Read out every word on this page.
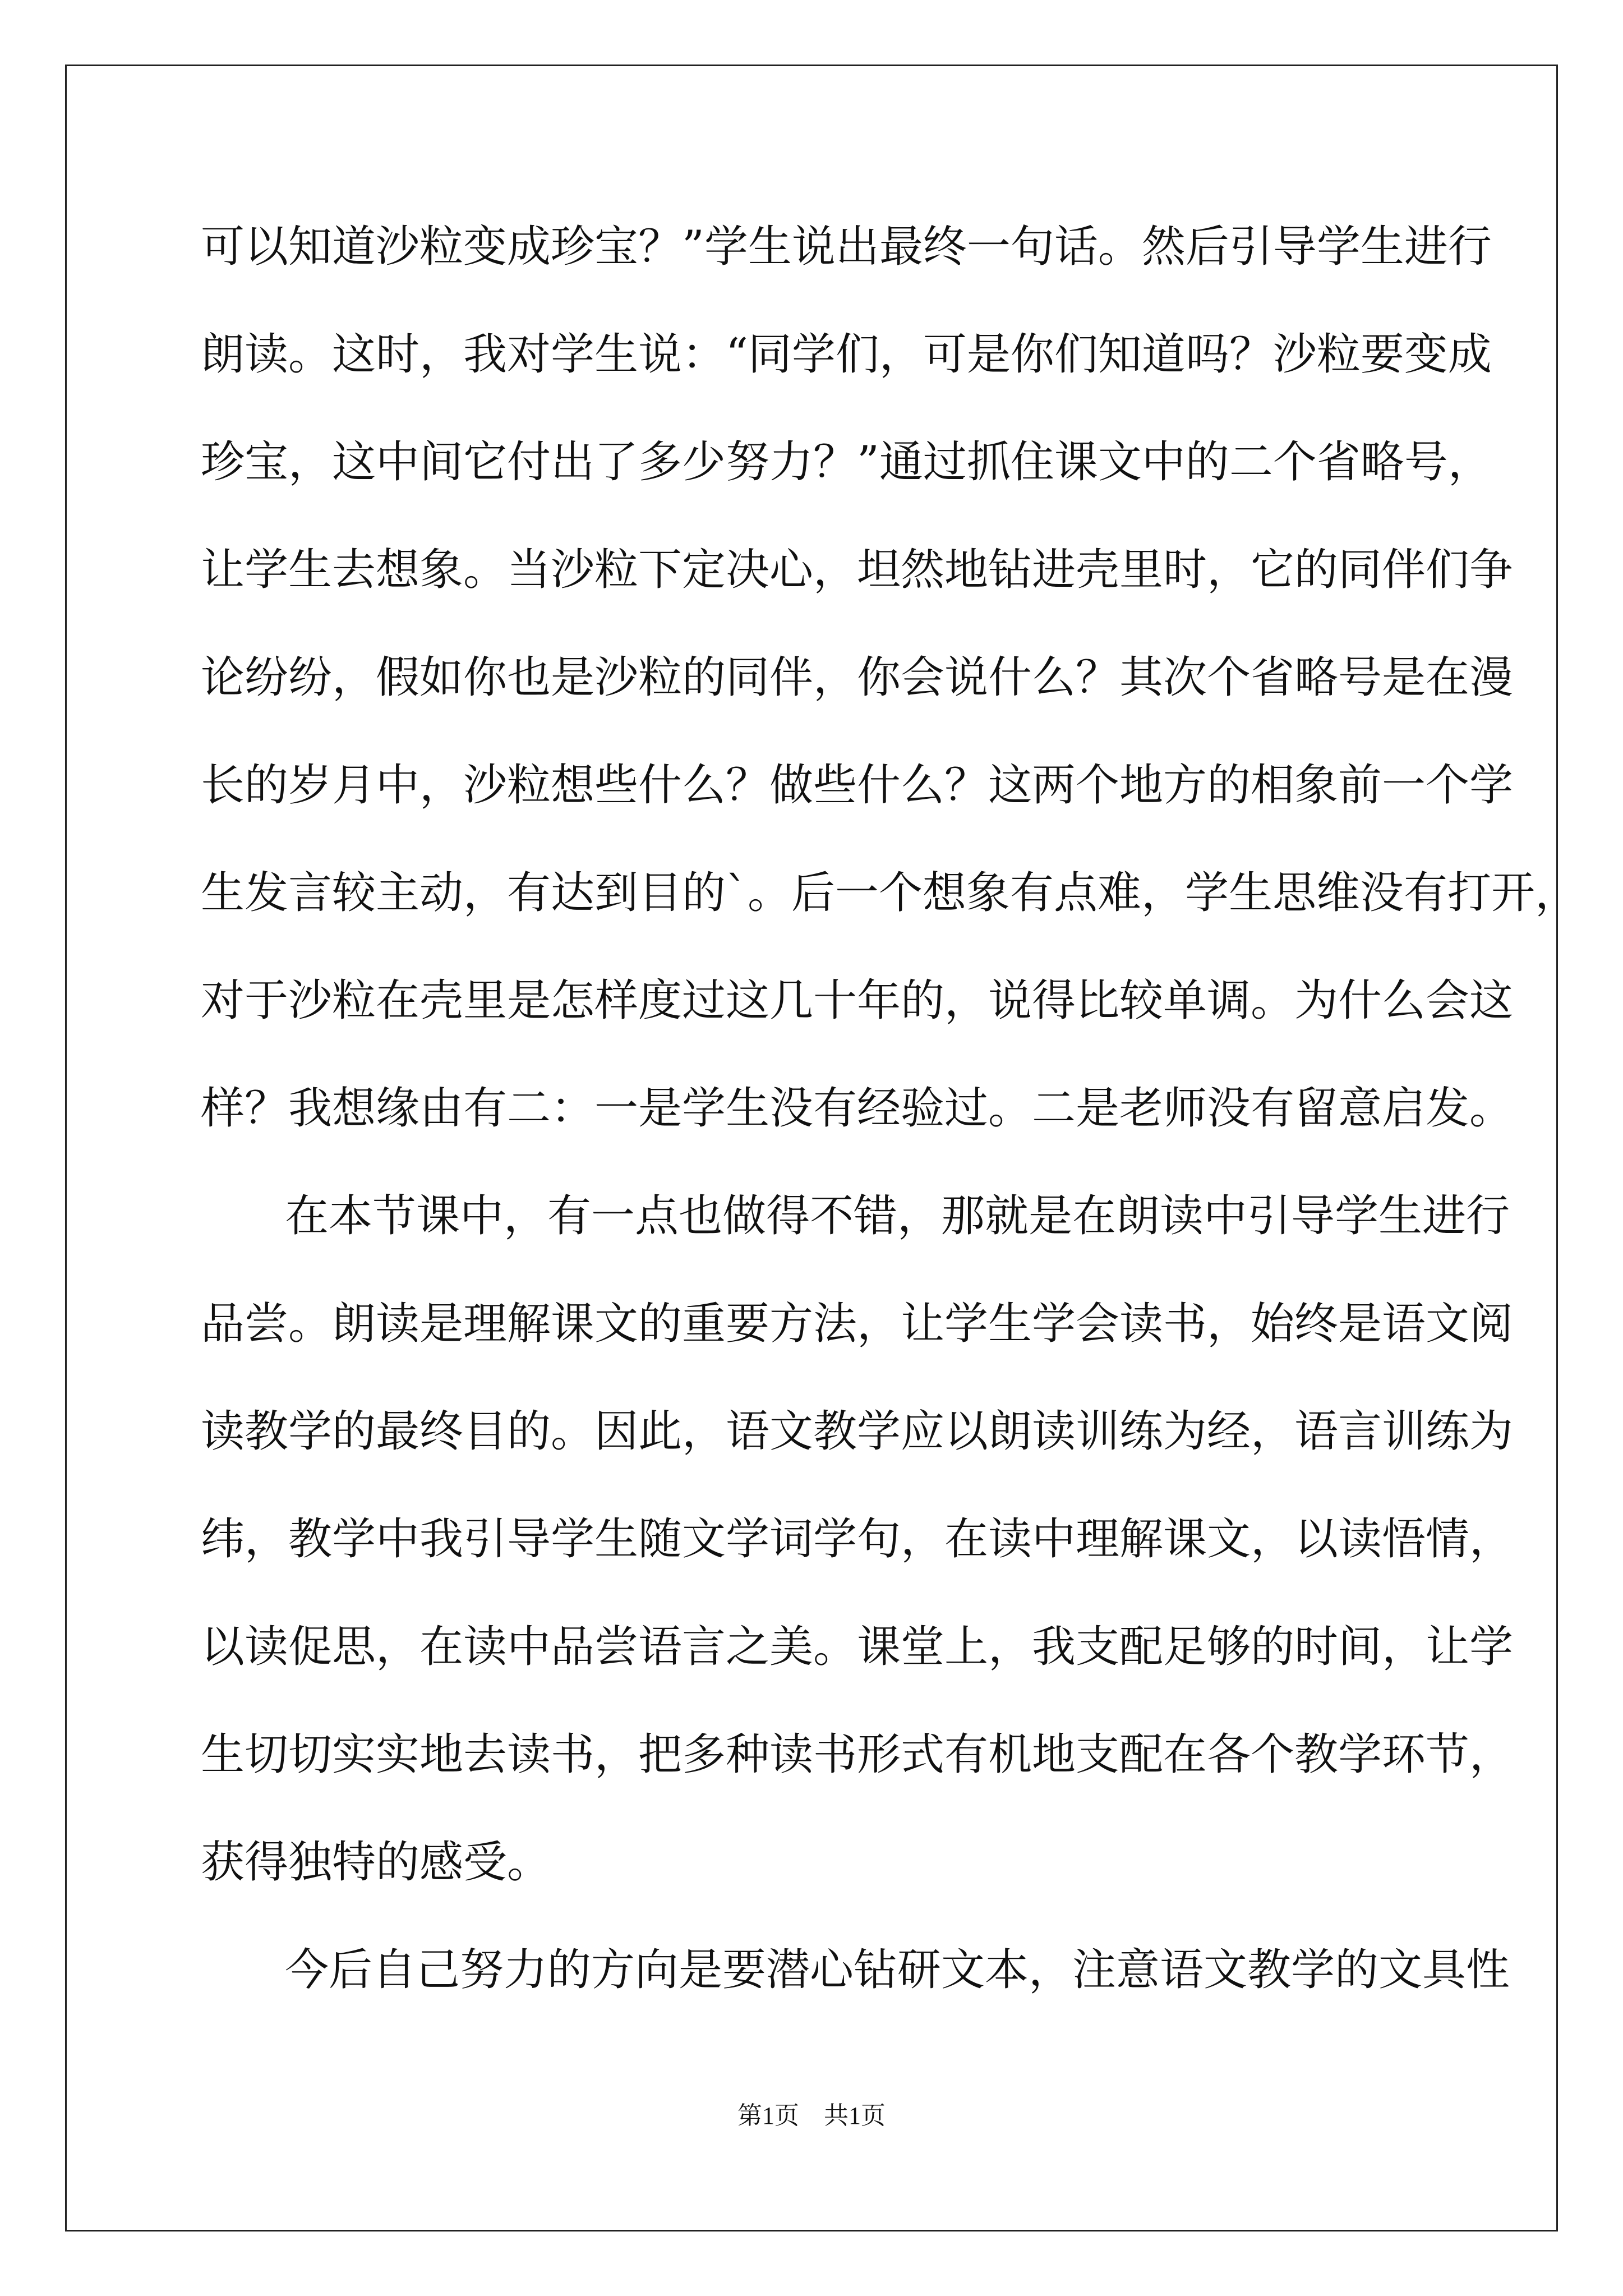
可以知道沙粒变成珍宝？”学生说出最终一句话。然后引导学生进行
朗读。这时，我对学生说：“同学们，可是你们知道吗？沙粒要变成
珍宝，这中间它付出了多少努力？”通过抓住课文中的二个省略号，
让学生去想象。当沙粒下定决心，坦然地钻进壳里时，它的同伴们争
论纷纷，假如你也是沙粒的同伴，你会说什么？其次个省略号是在漫
长的岁月中，沙粒想些什么？做些什么？这两个地方的相象前一个学
生发言较主动，有达到目的`。后一个想象有点难，学生思维没有打开，
对于沙粒在壳里是怎样度过这几十年的，说得比较单调。为什么会这
样？我想缘由有二：一是学生没有经验过。二是老师没有留意启发。
在本节课中，有一点也做得不错，那就是在朗读中引导学生进行
品尝。朗读是理解课文的重要方法，让学生学会读书，始终是语文阅
读教学的最终目的。因此，语文教学应以朗读训练为经，语言训练为
纬，教学中我引导学生随文学词学句，在读中理解课文，以读悟情，
以读促思，在读中品尝语言之美。课堂上，我支配足够的时间，让学
生切切实实地去读书，把多种读书形式有机地支配在各个教学环节，
获得独特的感受。
今后自己努力的方向是要潜心钻研文本，注意语文教学的文具性
第1页　共1页
